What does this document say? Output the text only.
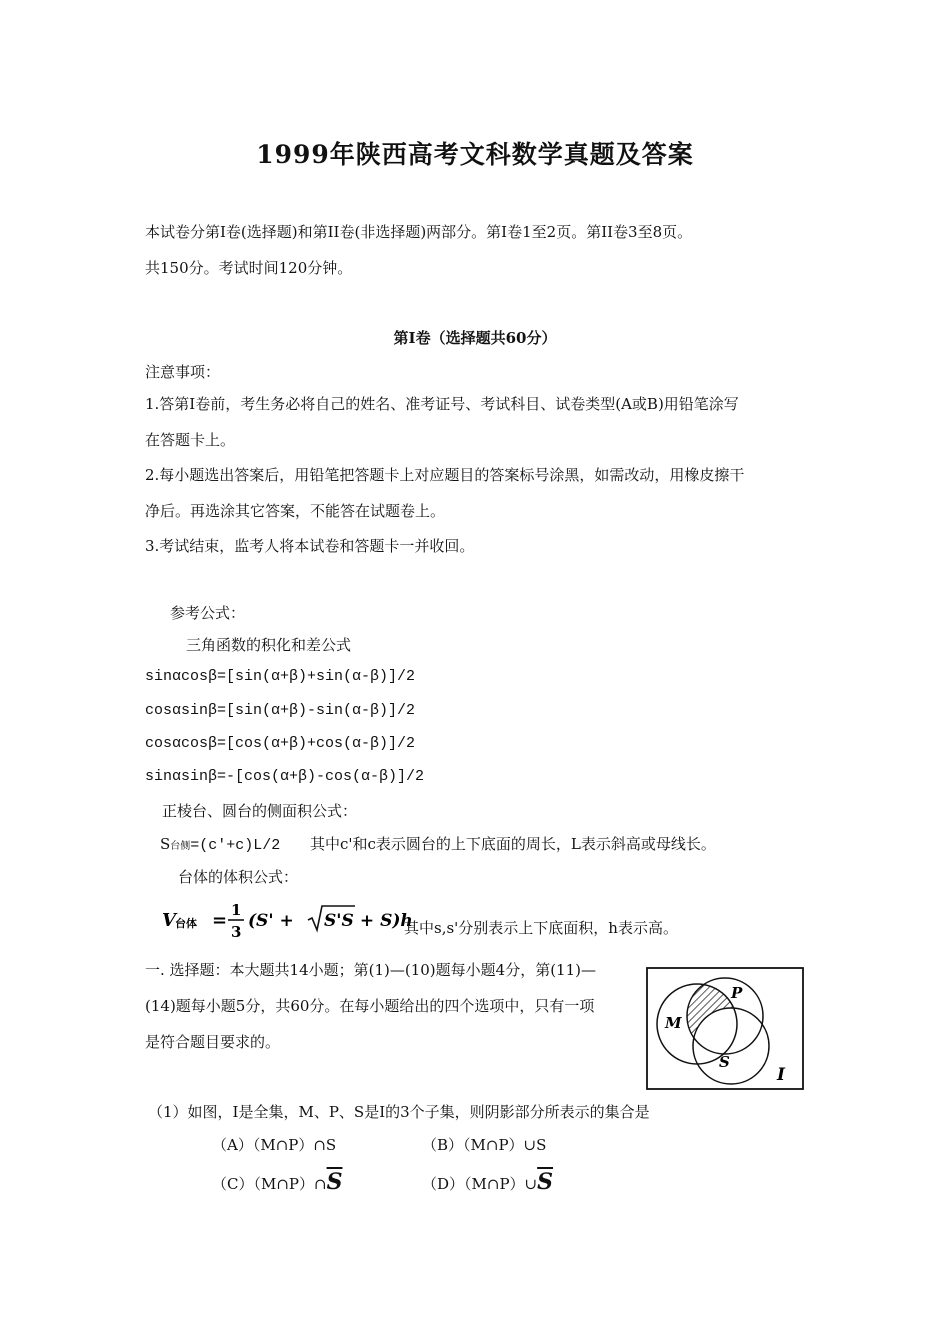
1999年陕西高考文科数学真题及答案
本试卷分第Ⅰ卷(选择题)和第II卷(非选择题)两部分。第Ⅰ卷1至2页。第II卷3至8页。
共150分。考试时间120分钟。
第Ⅰ卷（选择题共60分）
注意事项：
1.答第Ⅰ卷前，考生务必将自己的姓名、准考证号、考试科目、试卷类型(A或B)用铅笔涂写
在答题卡上。
2.每小题选出答案后，用铅笔把答题卡上对应题目的答案标号涂黑，如需改动，用橡皮擦干
净后。再选涂其它答案，不能答在试题卷上。
3.考试结束，监考人将本试卷和答题卡一并收回。
参考公式：
三角函数的积化和差公式
sinαcosβ=[sin(α+β)+sin(α-β)]/2
cosαsinβ=[sin(α+β)-sin(α-β)]/2
cosαcosβ=[cos(α+β)+cos(α-β)]/2
sinαsinβ=-[cos(α+β)-cos(α-β)]/2
正棱台、圆台的侧面积公式：
S台侧=(c'+c)L/2 其中c'和c表示圆台的上下底面的周长，L表示斜高或母线长。
台体的体积公式：
V 台体 = 1
3
(S' + S'S + S)h
其中s,s'分别表示上下底面积，h表示高。
一. 选择题：本大题共14小题；第(1)—(10)题每小题4分，第(11)—
(14)题每小题5分，共60分。在每小题给出的四个选项中，只有一项
是符合题目要求的。
M
P
S
I
（1）如图，I是全集，M、P、S是I的3个子集，则阴影部分所表示的集合是
（A）（M∩P）∩S	（B）（M∩P）∪S
$(C)(M\cap P)\cap\overline{S}$	$(D)(M\cap P)\cup\overline{S}$
